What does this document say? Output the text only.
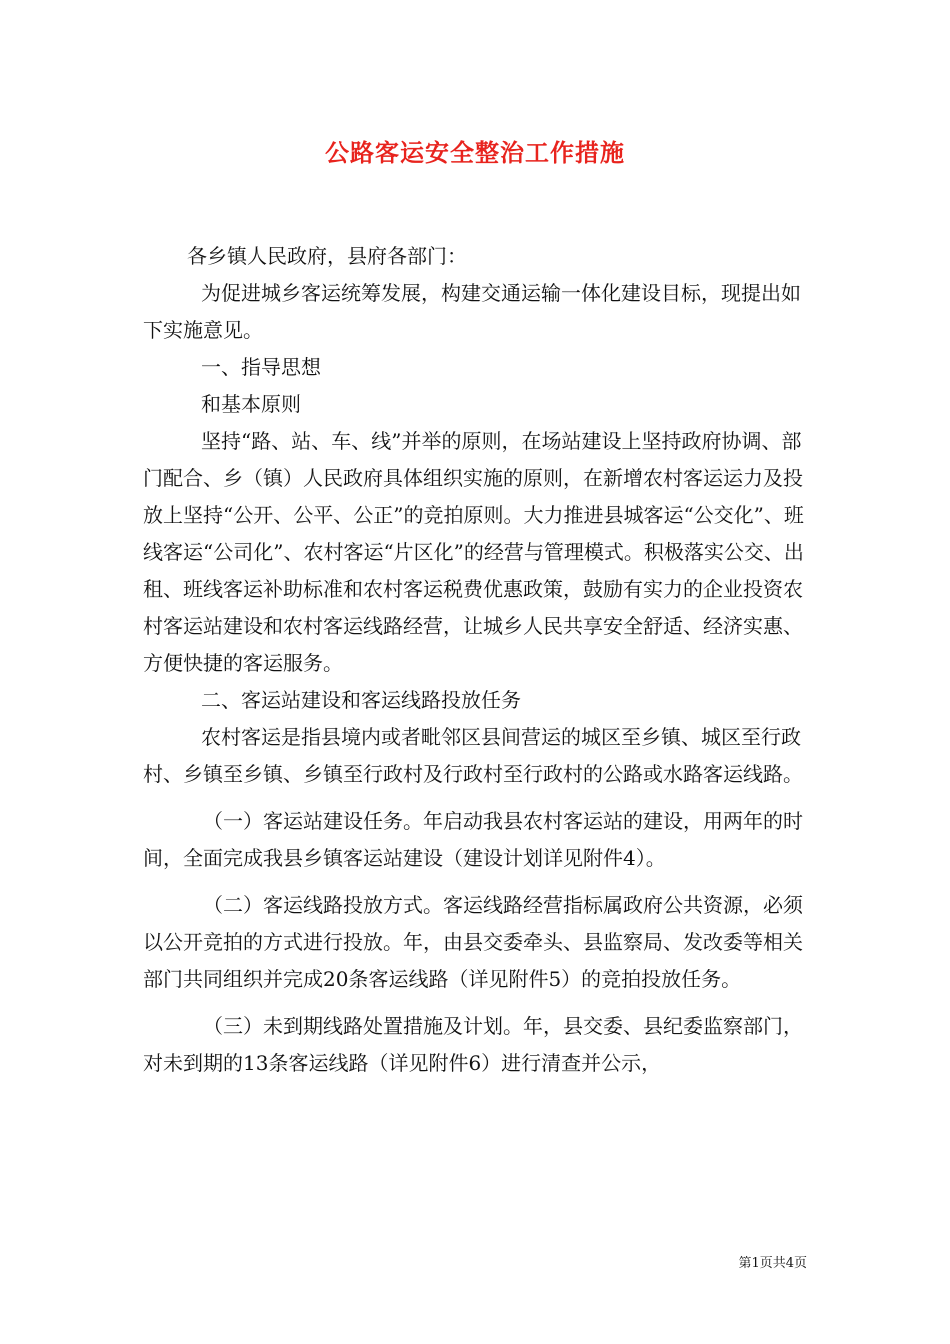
公路客运安全整治工作措施

各乡镇人民政府，县府各部门：

为促进城乡客运统筹发展，构建交通运输一体化建设目标，现提出如下实施意见。

一、指导思想

和基本原则

坚持“路、站、车、线”并举的原则，在场站建设上坚持政府协调、部门配合、乡（镇）人民政府具体组织实施的原则，在新增农村客运运力及投放上坚持“公开、公平、公正”的竞拍原则。大力推进县城客运“公交化”、班线客运“公司化”、农村客运“片区化”的经营与管理模式。积极落实公交、出租、班线客运补助标准和农村客运税费优惠政策，鼓励有实力的企业投资农村客运站建设和农村客运线路经营，让城乡人民共享安全舒适、经济实惠、方便快捷的客运服务。

二、客运站建设和客运线路投放任务

农村客运是指县境内或者毗邻区县间营运的城区至乡镇、城区至行政村、乡镇至乡镇、乡镇至行政村及行政村至行政村的公路或水路客运线路。

（一）客运站建设任务。年启动我县农村客运站的建设，用两年的时间，全面完成我县乡镇客运站建设（建设计划详见附件4）。

（二）客运线路投放方式。客运线路经营指标属政府公共资源，必须以公开竞拍的方式进行投放。年，由县交委牵头、县监察局、发改委等相关部门共同组织并完成20条客运线路（详见附件5）的竞拍投放任务。

（三）未到期线路处置措施及计划。年，县交委、县纪委监察部门，对未到期的13条客运线路（详见附件6）进行清查并公示，

第1页共4页
